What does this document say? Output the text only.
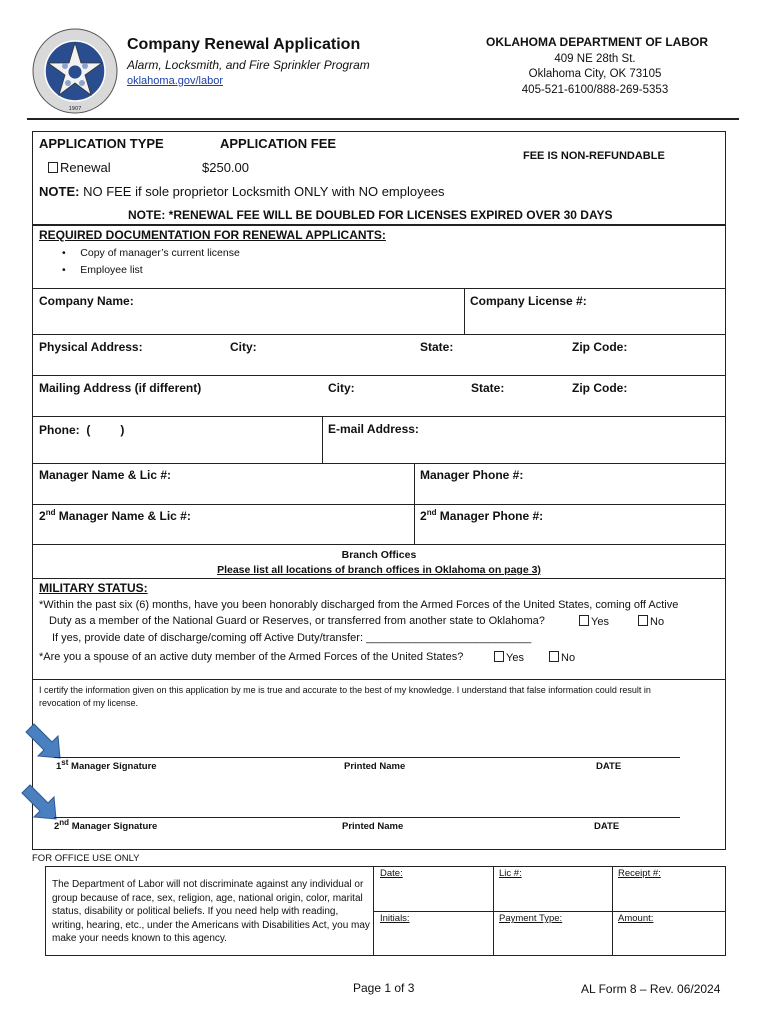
1907
Company Renewal Application
Alarm, Locksmith, and Fire Sprinkler Program
oklahoma.gov/labor
OKLAHOMA DEPARTMENT OF LABOR
409 NE 28th St.
Oklahoma City, OK 73105
405-521-6100/888-269-5353
APPLICATION TYPE	APPLICATION FEE
Renewal	$250.00
FEE IS NON-REFUNDABLE
NOTE: NO FEE if sole proprietor Locksmith ONLY with NO employees
NOTE: *RENEWAL FEE WILL BE DOUBLED FOR LICENSES EXPIRED OVER 30 DAYS
REQUIRED DOCUMENTATION FOR RENEWAL APPLICANTS:
•     Copy of manager’s current license
•     Employee list
Company Name:	Company License #:
Physical Address:	City:	State:	Zip Code:
Mailing Address (if different)	City:	State:	Zip Code:
Phone:  (         )	E-mail Address:
Manager Name & Lic #:	Manager Phone #:
2nd Manager Name & Lic #:	2nd Manager Phone #:
Branch Offices
Please list all locations of branch offices in Oklahoma on page 3)
MILITARY STATUS:
*Within the past six (6) months, have you been honorably discharged from the Armed Forces of the United States, coming off Active
Duty as a member of the National Guard or Reserves, or transferred from another state to Oklahoma?	Yes	No
If yes, provide date of discharge/coming off Active Duty/transfer: ___________________________
*Are you a spouse of an active duty member of the Armed Forces of the United States?	Yes	No
I certify the information given on this application by me is true and accurate to the best of my knowledge. I understand that false information could result in
revocation of my license.
1st Manager Signature	Printed Name	DATE
2nd Manager Signature	Printed Name	DATE
FOR OFFICE USE ONLY
The Department of Labor will not discriminate against any individual or group because of race, sex, religion, age, national origin, color, marital status, disability or political beliefs. If you need help with reading, writing, hearing, etc., under the Americans with Disabilities Act, you may make your needs known to this agency.
Date:	Lic #:	Receipt #:
Initials:	Payment Type:	Amount:
Page 1 of 3	AL Form 8 – Rev. 06/2024
